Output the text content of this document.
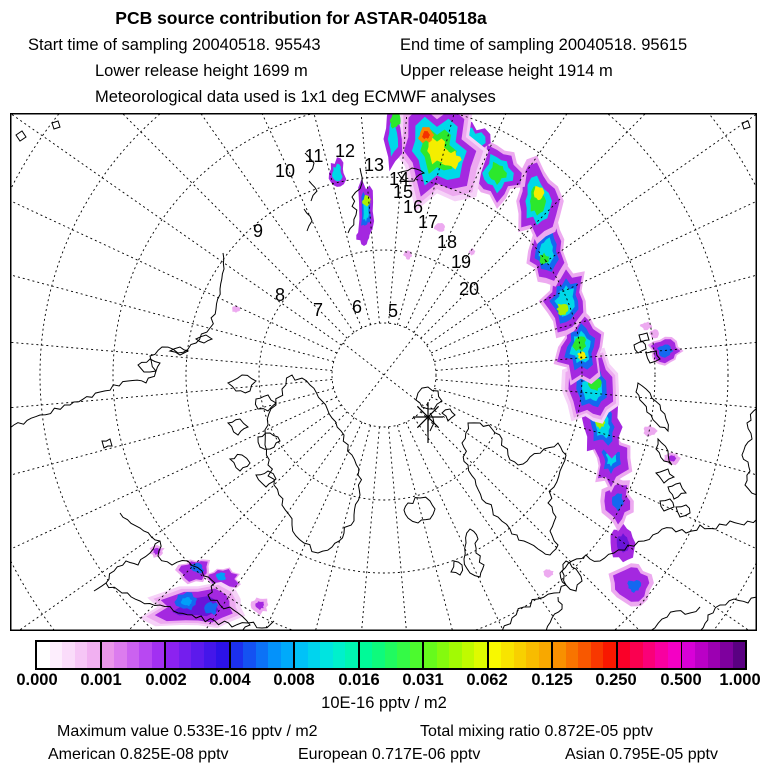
PCB source contribution for ASTAR-040518a
Start time of sampling 20040518. 95543	End time of sampling 20040518. 95615
Lower release height 1699 m	Upper release height 1914 m
Meteorological data used is 1x1 deg ECMWF analyses
5
6
7
8
9
10
11 12
13
14
15
16
17
18
19
20
0.000 0.001 0.002 0.004 0.008 0.016 0.031 0.062 0.125 0.250 0.500 1.000
10E-16 pptv / m2
Maximum value 0.533E-16 pptv / m2	Total mixing ratio 0.872E-05 pptv
American 0.825E-08 pptv	European 0.717E-06 pptv	Asian 0.795E-05 pptv
